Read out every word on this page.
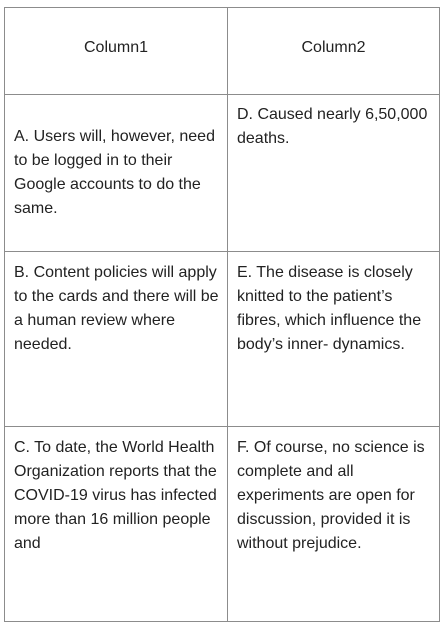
Column1	Column2

A. Users will, however, need to be logged in to their Google accounts to do the same.	D. Caused nearly 6,50,000 deaths.

B. Content policies will apply to the cards and there will be a human review where needed.	E. The disease is closely knitted to the patient’s fibres, which influence the body’s inner- dynamics.

C. To date, the World Health Organization reports that the COVID-19 virus has infected more than 16 million people and	F. Of course, no science is complete and all experiments are open for discussion, provided it is without prejudice.
